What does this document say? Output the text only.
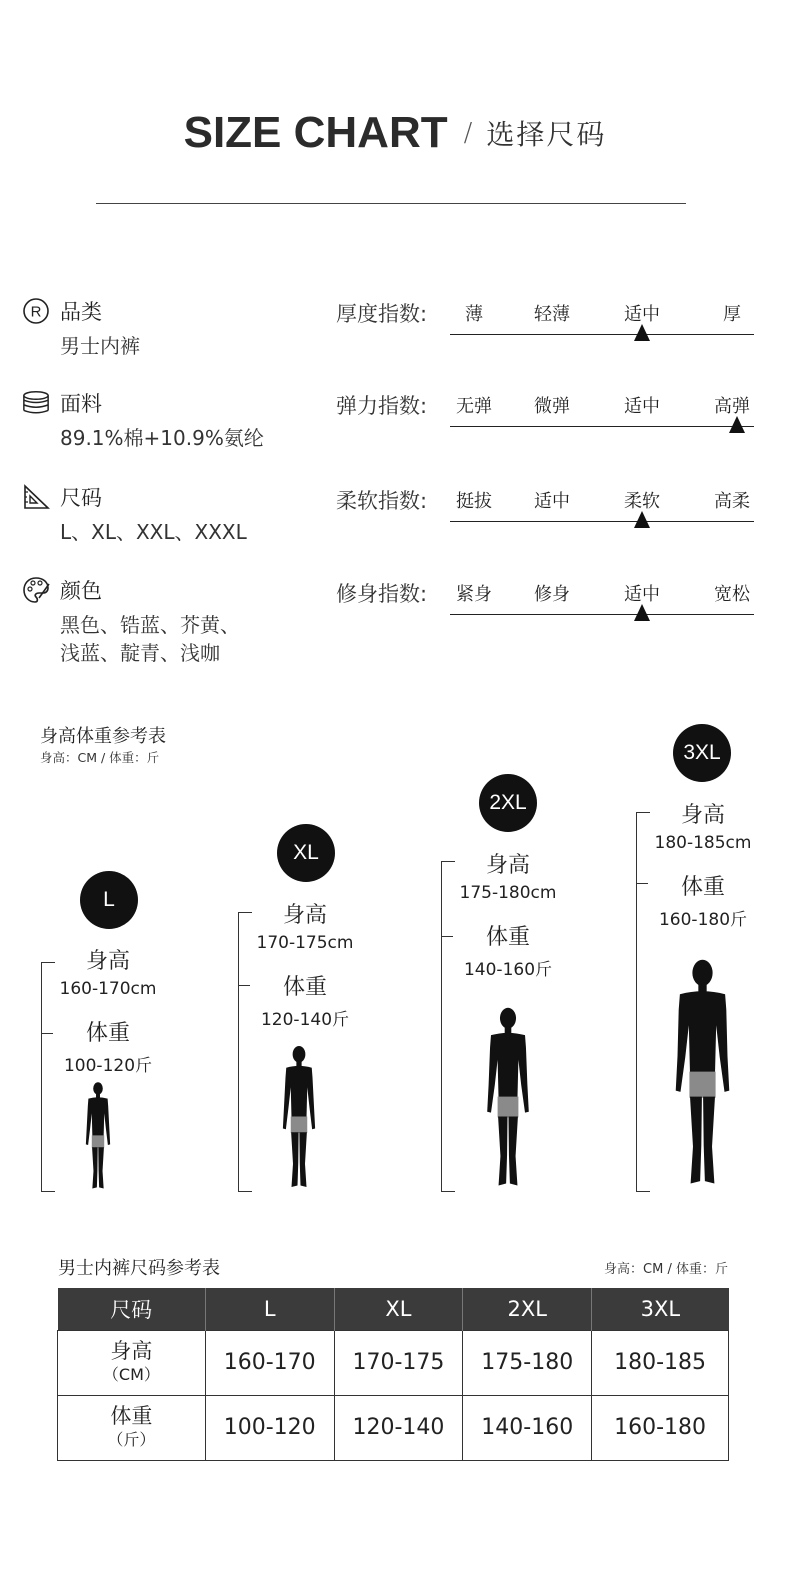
SIZE CHART / 选择尺码
R 品类
男士内裤
面料
89.1%棉+10.9%氨纶
尺码
L、XL、XXL、XXXL
颜色
黑色、锆蓝、芥黄、
浅蓝、靛青、浅咖
厚度指数: 薄	轻薄	适中	厚
弹力指数: 无弹 微弹	适中	高弹
柔软指数: 挺拔 适中	柔软	高柔
修身指数: 紧身 修身	适中	宽松
身高体重参考表
身高：CM / 体重：斤
L
身高
160-170cm
体重
100-120斤
XL
身高
170-175cm
体重
120-140斤
2XL
身高
175-180cm
体重
140-160斤
3XL
身高
180-185cm
体重
160-180斤
男士内裤尺码参考表	身高：CM / 体重：斤
尺码	L	XL	2XL	3XL

身高
（CM）	160-170	170-175	175-180	180-185

体重
（斤）	100-120	120-140	140-160	160-180
